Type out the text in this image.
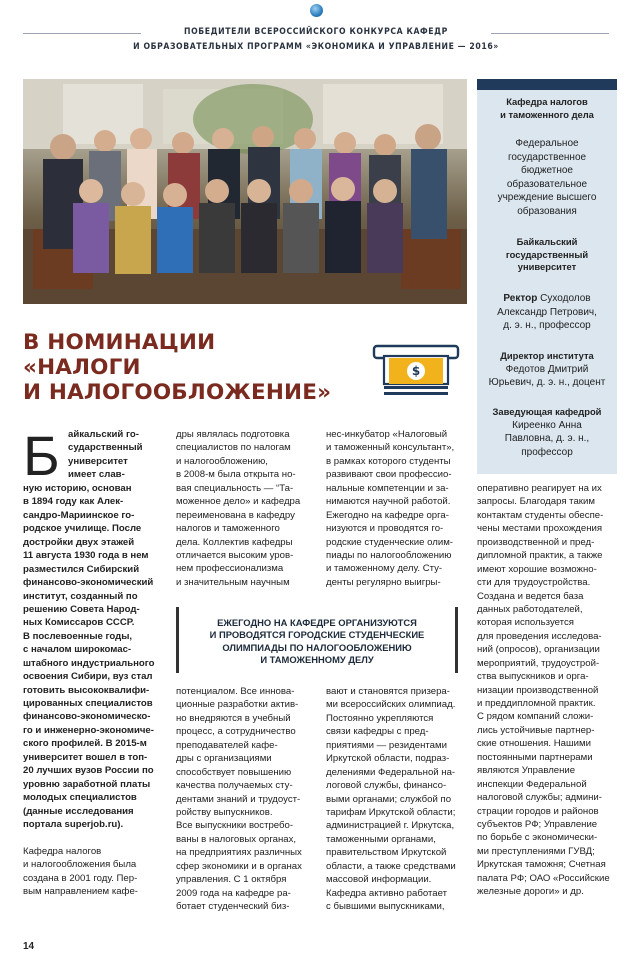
ПОБЕДИТЕЛИ ВСЕРОССИЙСКОГО КОНКУРСА КАФЕДР
И ОБРАЗОВАТЕЛЬНЫХ ПРОГРАММ «ЭКОНОМИКА И УПРАВЛЕНИЕ — 2016»
Кафедра налогов
и таможенного дела
Федеральное
государственное
бюджетное
образовательное
учреждение высшего
образования
Байкальский
государственный
университет
Ректор Суходолов
Александр Петрович,
д. э. н., профессор
Директор института
Федотов Дмитрий
Юрьевич, д. э. н., доцент
Заведующая кафедрой
Киреенко Анна
Павловна, д. э. н.,
профессор
В НОМИНАЦИИ
«НАЛОГИ
И НАЛОГООБЛОЖЕНИЕ»
$
Б айкальский го-
сударственный
университет
имеет слав-
ную историю, основан
в 1894 году как Алек-
сандро-Мариинское го-
родское училище. После
достройки двух этажей
11 августа 1930 года в нем
разместился Сибирский
финансово-экономический
институт, созданный по
решению Совета Народ-
ных Комиссаров СССР.
В послевоенные годы,
с началом широкомас-
штабного индустриального
освоения Сибири, вуз стал
готовить высококвалифи-
цированных специалистов
финансово-экономическо-
го и инженерно-экономиче-
ского профилей. В 2015-м
университет вошел в топ-
20 лучших вузов России по
уровню заработной платы
молодых специалистов
(данные исследования
портала superjob.ru).
Кафедра налогов
и налогообложения была
создана в 2001 году. Пер-
вым направлением кафе-
дры являлась подготовка
специалистов по налогам
и налогообложению,
в 2008-м была открыта но-
вая специальность — “Та-
моженное дело» и кафедра
переименована в кафедру
налогов и таможенного
дела. Коллектив кафедры
отличается высоким уров-
нем профессионализма
и значительным научным
нес-инкубатор «Налоговый
и таможенный консультант»,
в рамках которого студенты
развивают свои профессио-
нальные компетенции и за-
нимаются научной работой.
Ежегодно на кафедре орга-
низуются и проводятся го-
родские студенческие олим-
пиады по налогообложению
и таможенному делу. Сту-
денты регулярно выигры-
ЕЖЕГОДНО НА КАФЕДРЕ ОРГАНИЗУЮТСЯ
И ПРОВОДЯТСЯ ГОРОДСКИЕ СТУДЕНЧЕСКИЕ
ОЛИМПИАДЫ ПО НАЛОГООБЛОЖЕНИЮ
И ТАМОЖЕННОМУ ДЕЛУ
потенциалом. Все иннова-
ционные разработки актив-
но внедряются в учебный
процесс, а сотрудничество
преподавателей кафе-
дры с организациями
способствует повышению
качества получаемых сту-
дентами знаний и трудоуст-
ройству выпускников.
Все выпускники востребо-
ваны в налоговых органах,
на предприятиях различных
сфер экономики и в органах
управления. С 1 октября
2009 года на кафедре ра-
ботает студенческий биз-
вают и становятся призера-
ми всероссийских олимпиад.
Постоянно укрепляются
связи кафедры с пред-
приятиями — резидентами
Иркутской области, подраз-
делениями Федеральной на-
логовой службы, финансо-
выми органами; службой по
тарифам Иркутской области;
администрацией г. Иркутска,
таможенными органами,
правительством Иркутской
области, а также средствами
массовой информации.
Кафедра активно работает
с бывшими выпускниками,
оперативно реагирует на их
запросы. Благодаря таким
контактам студенты обеспе-
чены местами прохождения
производственной и пред-
дипломной практик, а также
имеют хорошие возможно-
сти для трудоустройства.
Создана и ведется база
данных работодателей,
которая используется
для проведения исследова-
ний (опросов), организации
мероприятий, трудоустрой-
ства выпускников и орга-
низации производственной
и преддипломной практик.
С рядом компаний сложи-
лись устойчивые партнер-
ские отношения. Нашими
постоянными партнерами
являются Управление
инспекции Федеральной
налоговой службы; админи-
страции городов и районов
субъектов РФ; Управление
по борьбе с экономически-
ми преступлениями ГУВД;
Иркутская таможня; Счетная
палата РФ; ОАО «Российские
железные дороги» и др.
14
